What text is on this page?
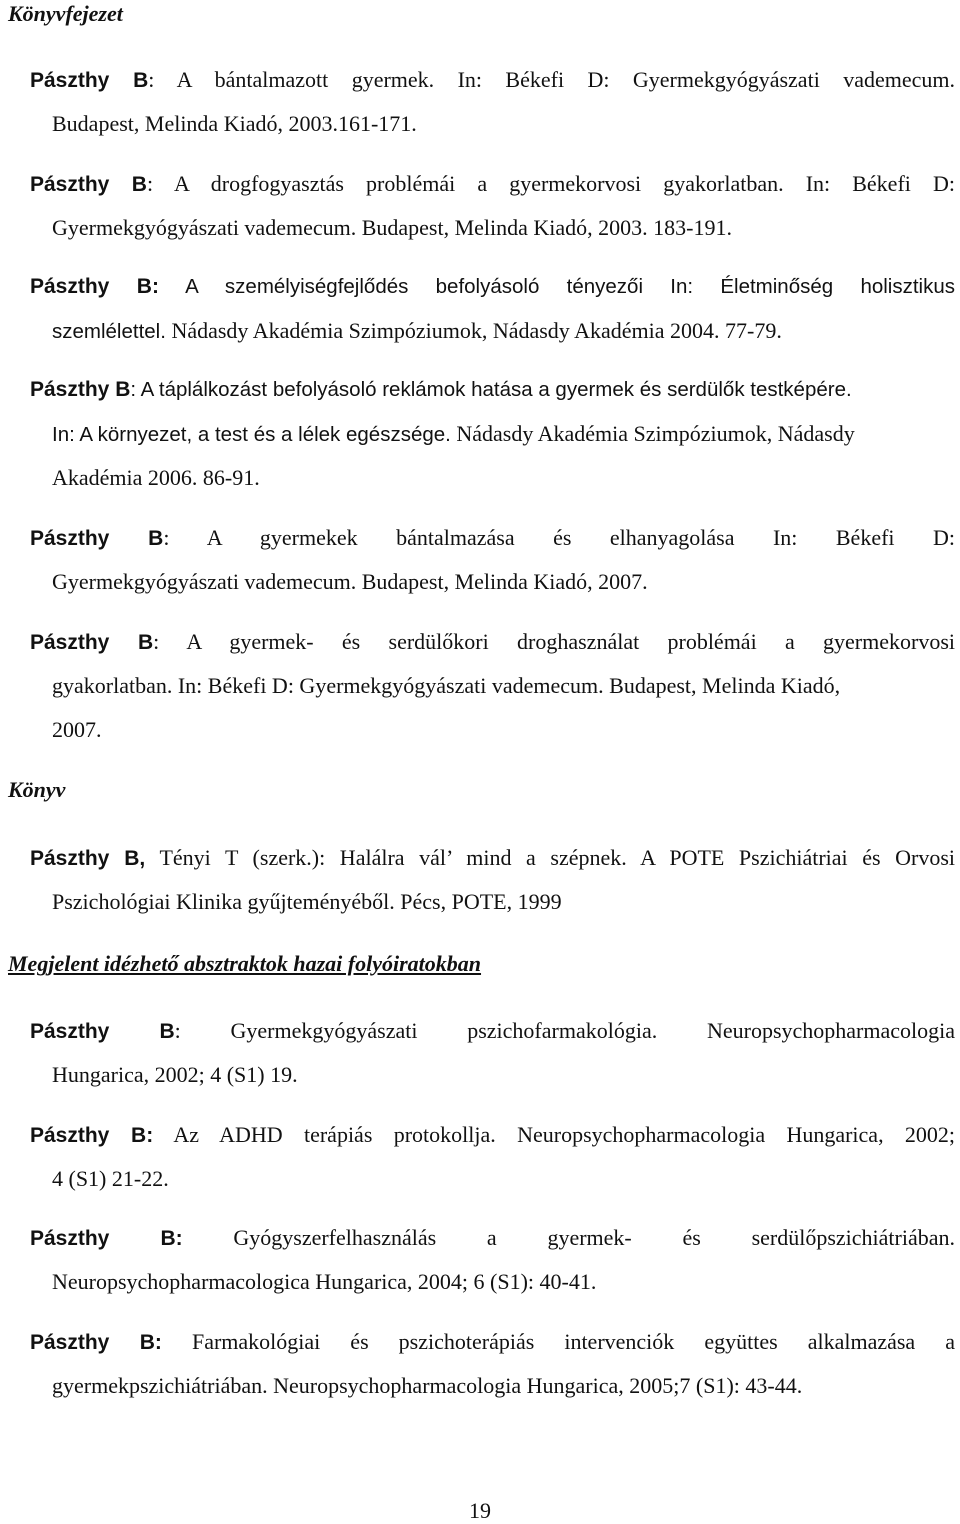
Könyvfejezet
Pászthy B: A bántalmazott gyermek. In: Békefi D: Gyermekgyógyászati vademecum.
Budapest, Melinda Kiadó, 2003.161-171.
Pászthy B: A drogfogyasztás problémái a gyermekorvosi gyakorlatban. In: Békefi D:
Gyermekgyógyászati vademecum. Budapest, Melinda Kiadó, 2003. 183-191.
Pászthy B: A személyiségfejlődés befolyásoló tényezői In: Életminőség holisztikus
szemlélettel. Nádasdy Akadémia Szimpóziumok, Nádasdy Akadémia 2004. 77-79.
Pászthy B: A táplálkozást befolyásoló reklámok hatása a gyermek és serdülők testképére.
In: A környezet, a test és a lélek egészsége. Nádasdy Akadémia Szimpóziumok, Nádasdy
Akadémia 2006. 86-91.
Pászthy B: A gyermekek bántalmazása és elhanyagolása In: Békefi D:
Gyermekgyógyászati vademecum. Budapest, Melinda Kiadó, 2007.
Pászthy B: A gyermek- és serdülőkori droghasználat problémái a gyermekorvosi
gyakorlatban. In: Békefi D: Gyermekgyógyászati vademecum. Budapest, Melinda Kiadó,
2007.
Könyv
Pászthy B, Tényi T (szerk.): Halálra vál’ mind a szépnek. A POTE Pszichiátriai és Orvosi
Pszichológiai Klinika gyűjteményéből. Pécs, POTE, 1999
Megjelent idézhető absztraktok hazai folyóiratokban
Pászthy B: Gyermekgyógyászati pszichofarmakológia. Neuropsychopharmacologia
Hungarica, 2002; 4 (S1) 19.
Pászthy B: Az ADHD terápiás protokollja. Neuropsychopharmacologia Hungarica, 2002;
4 (S1) 21-22.
Pászthy B: Gyógyszerfelhasználás a gyermek- és serdülőpszichiátriában.
Neuropsychopharmacologica Hungarica, 2004; 6 (S1): 40-41.
Pászthy B: Farmakológiai és pszichoterápiás intervenciók együttes alkalmazása a
gyermekpszichiátriában. Neuropsychopharmacologia Hungarica, 2005;7 (S1): 43-44.
19
